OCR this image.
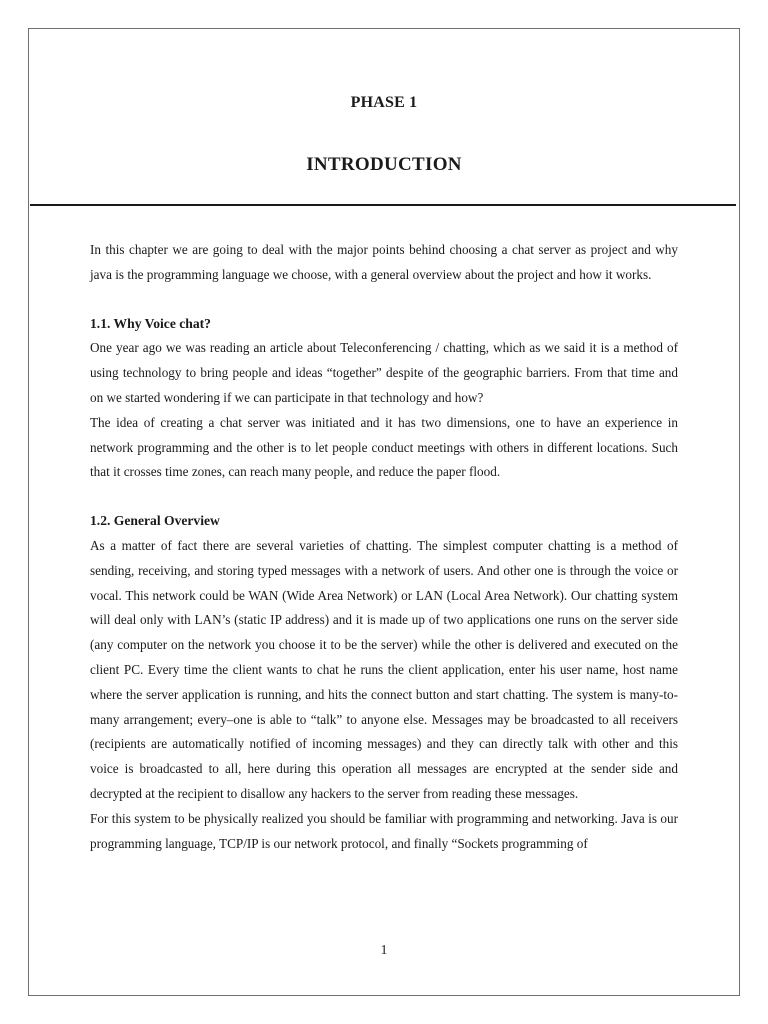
PHASE 1
INTRODUCTION

In this chapter we are going to deal with the major points behind choosing a chat server as project and why java is the programming language we choose, with a general overview about the project and how it works.

1.1. Why Voice chat?

One year ago we was reading an article about Teleconferencing / chatting, which as we said it is a method of using technology to bring people and ideas “together” despite of the geographic barriers. From that time and on we started wondering if we can participate in that technology and how?

The idea of creating a chat server was initiated and it has two dimensions, one to have an experience in network programming and the other is to let people conduct meetings with others in different locations. Such that it crosses time zones, can reach many people, and reduce the paper flood.

1.2. General Overview

As a matter of fact there are several varieties of chatting. The simplest computer chatting is a method of sending, receiving, and storing typed messages with a network of users. And other one is through the voice or vocal. This network could be WAN (Wide Area Network) or LAN (Local Area Network). Our chatting system will deal only with LAN’s (static IP address) and it is made up of two applications one runs on the server side (any computer on the network you choose it to be the server) while the other is delivered and executed on the client PC. Every time the client wants to chat he runs the client application, enter his user name, host name where the server application is running, and hits the connect button and start chatting. The system is many-to-many arrangement; every–one is able to “talk” to anyone else. Messages may be broadcasted to all receivers (recipients are automatically notified of incoming messages) and they can directly talk with other and this voice is broadcasted to all, here during this operation all messages are encrypted at the sender side and decrypted at the recipient to disallow any hackers to the server from reading these messages.

For this system to be physically realized you should be familiar with programming and networking. Java is our programming language, TCP/IP is our network protocol, and finally “Sockets programming of

1
